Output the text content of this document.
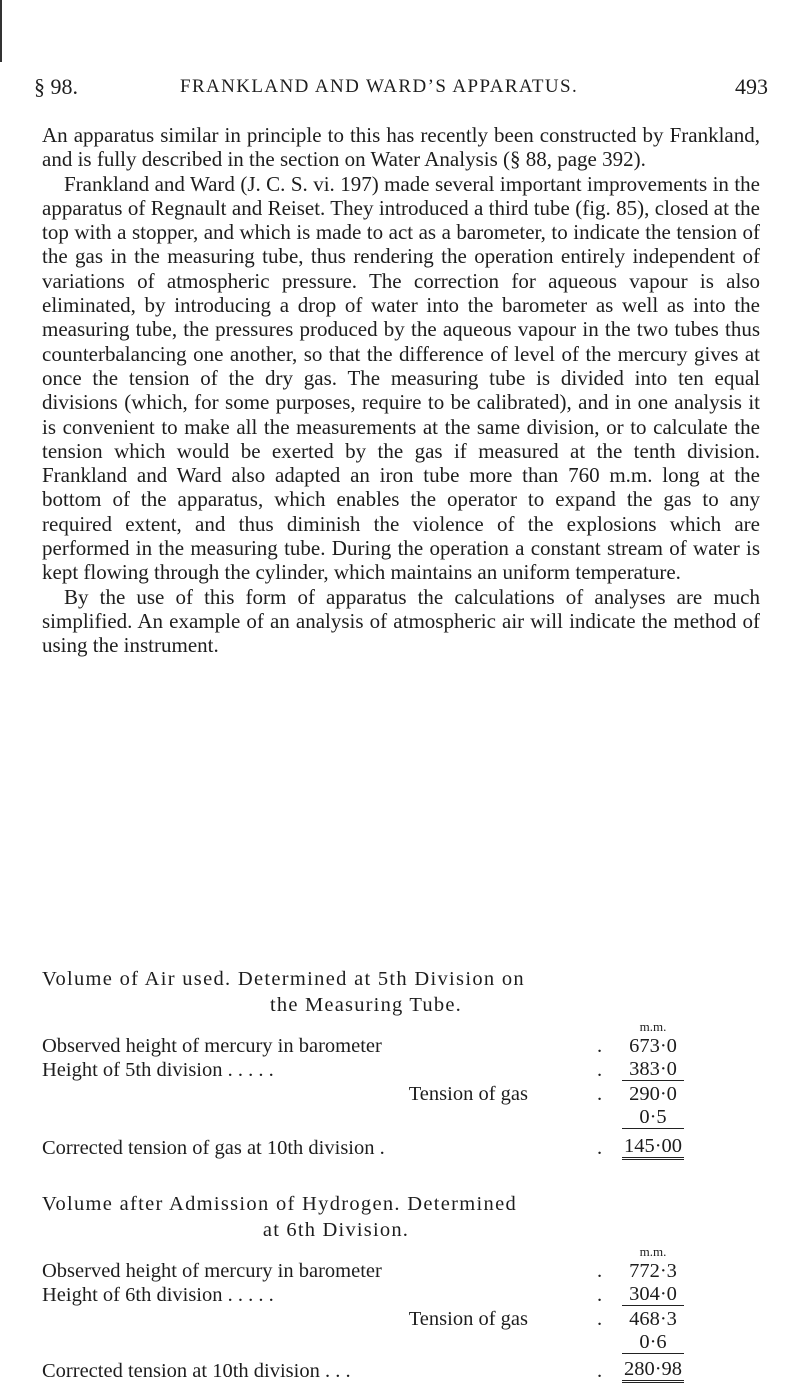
§ 98.	FRANKLAND AND WARD’S APPARATUS.	493

An apparatus similar in principle to this has recently been constructed by Frankland, and is fully described in the section on Water Analysis (§ 88, page 392).

Frankland and Ward (J. C. S. vi. 197) made several important improvements in the apparatus of Regnault and Reiset. They introduced a third tube (fig. 85), closed at the top with a stopper, and which is made to act as a barometer, to indicate the tension of the gas in the measuring tube, thus rendering the operation entirely independent of variations of atmospheric pressure. The correction for aqueous vapour is also eliminated, by introducing a drop of water into the barometer as well as into the measuring tube, the pressures produced by the aqueous vapour in the two tubes thus counterbalancing one another, so that the difference of level of the mercury gives at once the tension of the dry gas. The measuring tube is divided into ten equal divisions (which, for some purposes, require to be calibrated), and in one analysis it is convenient to make all the measurements at the same division, or to calculate the tension which would be exerted by the gas if measured at the tenth division. Frankland and Ward also adapted an iron tube more than 760 m.m. long at the bottom of the apparatus, which enables the operator to expand the gas to any required extent, and thus diminish the violence of the explosions which are performed in the measuring tube. During the operation a constant stream of water is kept flowing through the cylinder, which maintains an uniform temperature.

By the use of this form of apparatus the calculations of analyses are much simplified. An example of an analysis of atmospheric air will indicate the method of using the instrument.

Volume of Air used. Determined at 5th Division on
the Measuring Tube.
m.m.
Observed height of mercury in barometer	.	673·0
Height of 5th division . . . . .	.	383·0
Tension of gas	.	290·0
0·5
Corrected tension of gas at 10th division .	. 145·00
Volume after Admission of Hydrogen. Determined
at 6th Division.
m.m.
Observed height of mercury in barometer	.	772·3
Height of 6th division . . . . .	.	304·0
Tension of gas	.	468·3
0·6
Corrected tension at 10th division . . .	. 280·98
